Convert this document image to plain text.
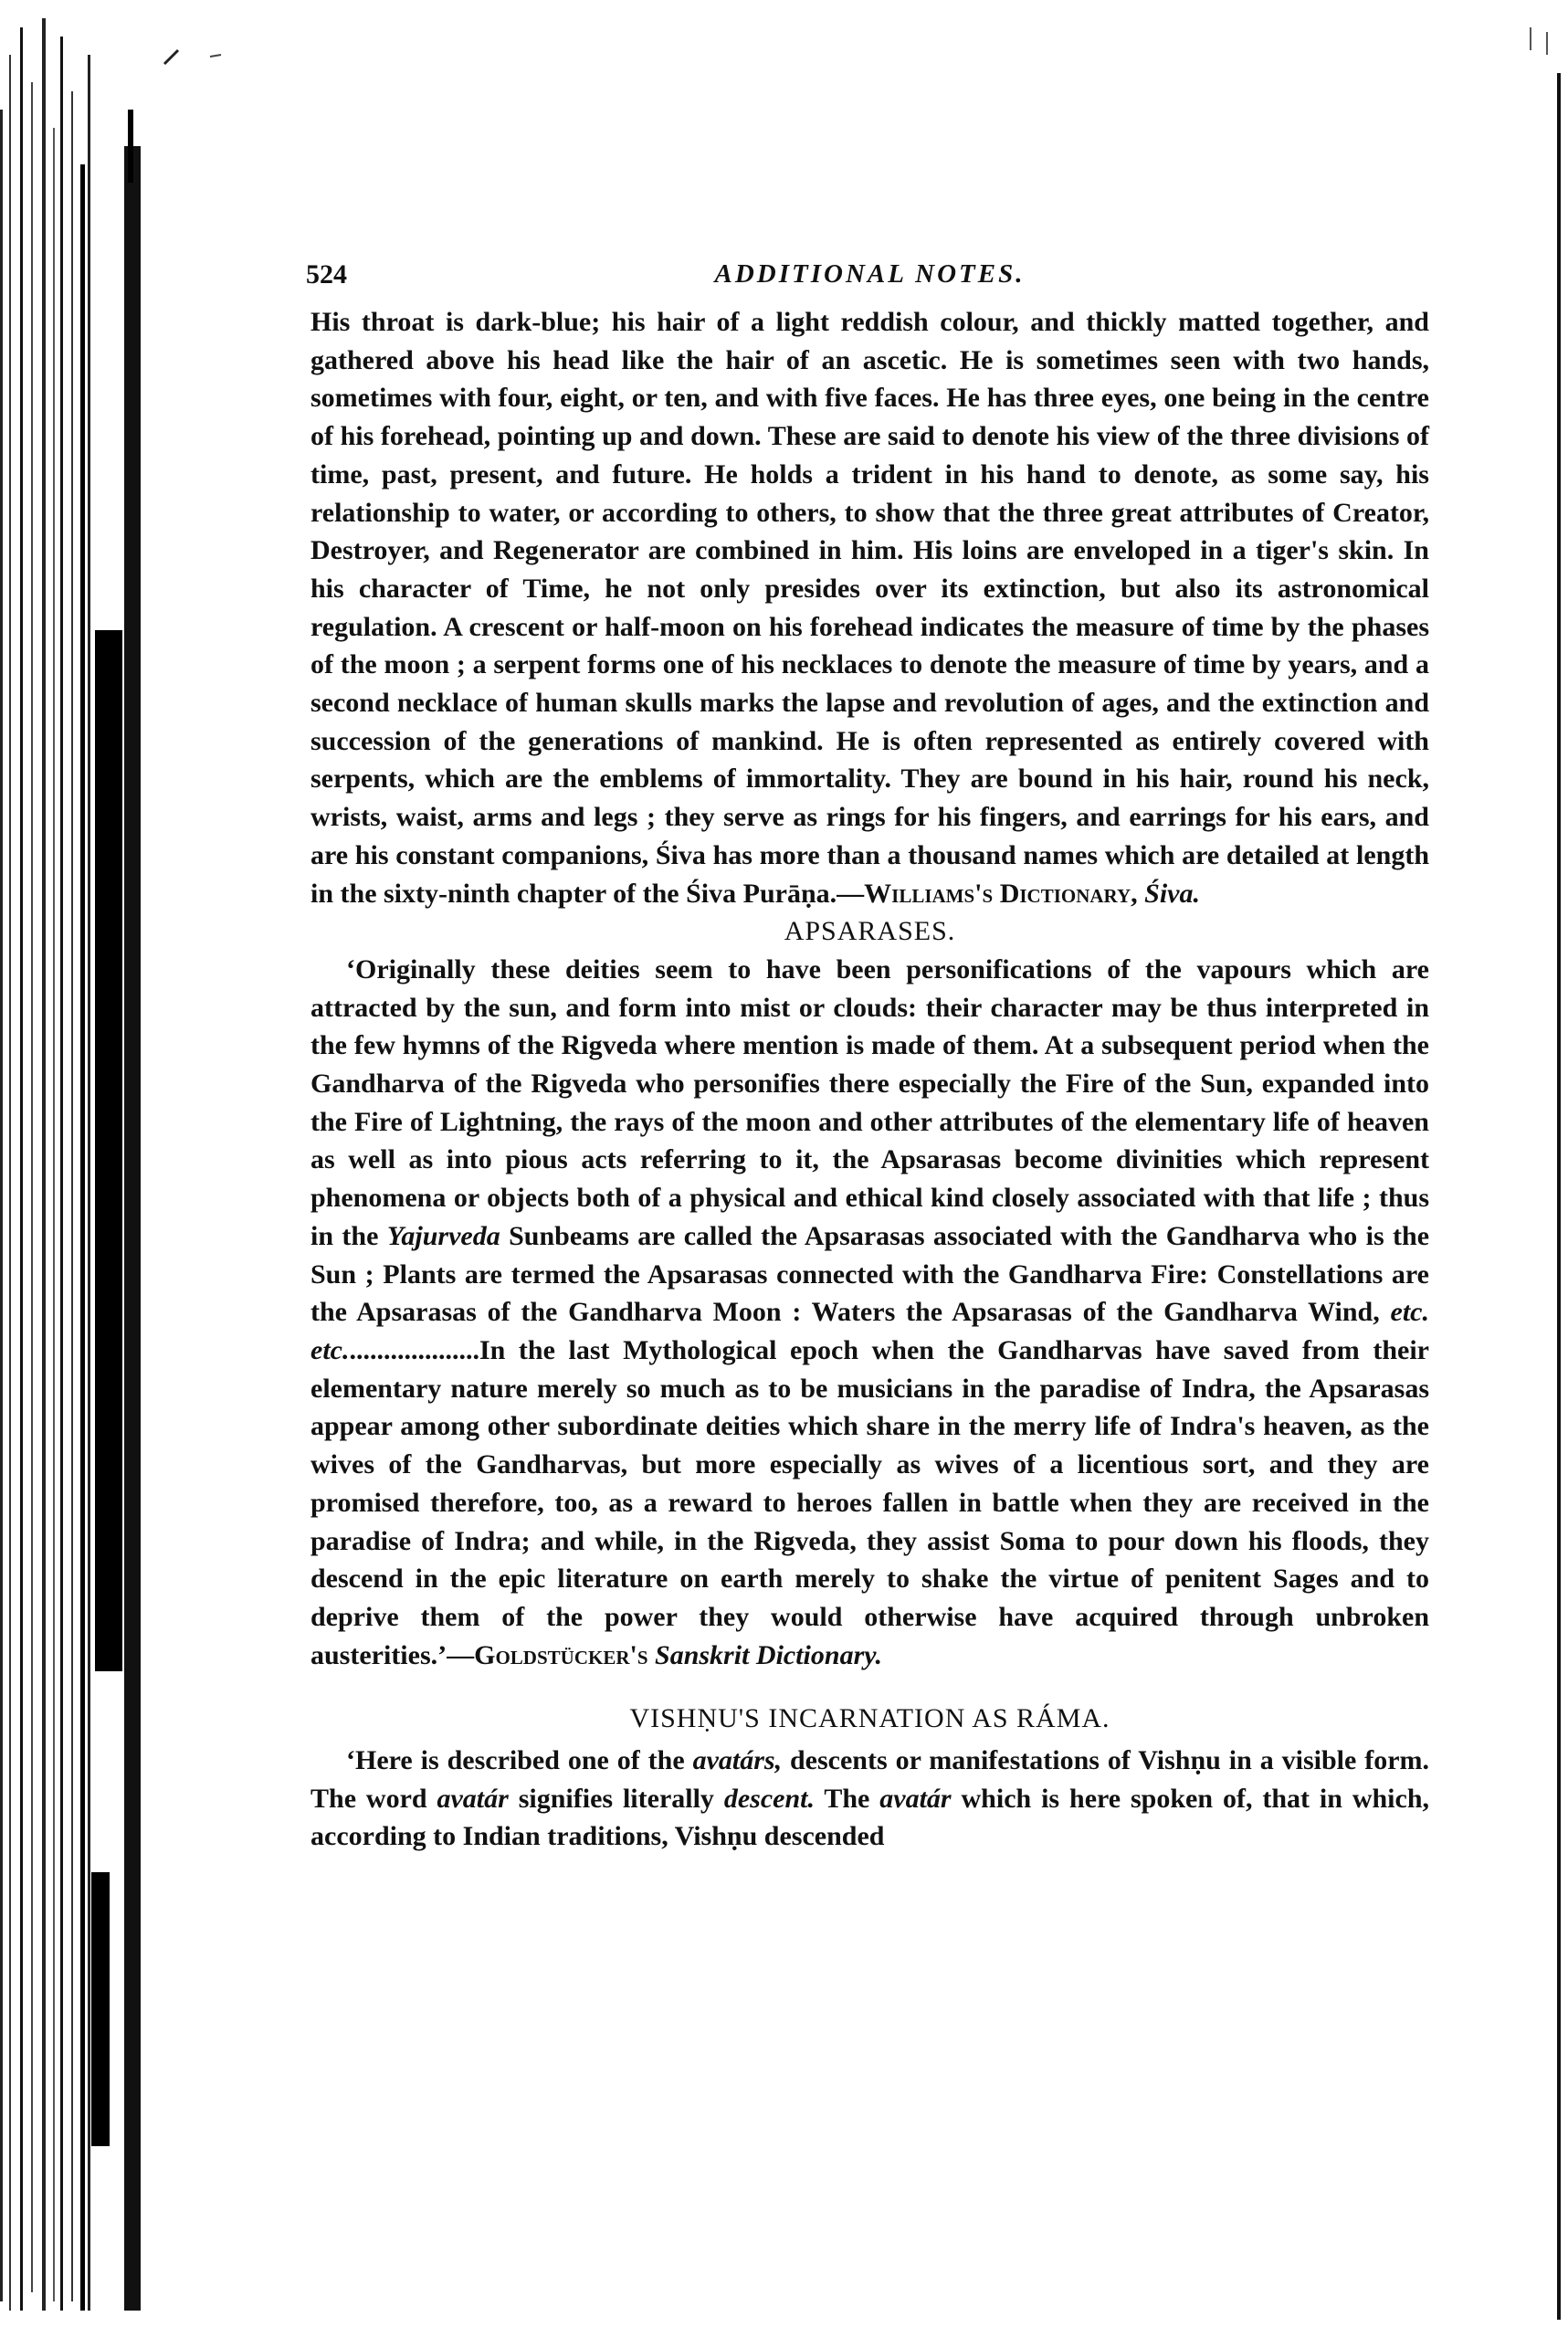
524	ADDITIONAL NOTES.

His throat is dark-blue; his hair of a light reddish colour, and thickly matted together, and gathered above his head like the hair of an ascetic. He is sometimes seen with two hands, sometimes with four, eight, or ten, and with five faces. He has three eyes, one being in the centre of his forehead, pointing up and down. These are said to denote his view of the three divisions of time, past, present, and future. He holds a trident in his hand to denote, as some say, his relationship to water, or according to others, to show that the three great attributes of Creator, Destroyer, and Regenerator are combined in him. His loins are enveloped in a tiger's skin. In his character of Time, he not only presides over its extinction, but also its astronomical regulation. A crescent or half-moon on his forehead indicates the measure of time by the phases of the moon ; a serpent forms one of his necklaces to denote the measure of time by years, and a second necklace of human skulls marks the lapse and revolution of ages, and the extinction and succession of the generations of mankind. He is often represented as entirely covered with serpents, which are the emblems of immortality. They are bound in his hair, round his neck, wrists, waist, arms and legs ; they serve as rings for his fingers, and earrings for his ears, and are his constant companions, Śiva has more than a thousand names which are detailed at length in the sixty-ninth chapter of the Śiva Purāṇa.—Williams's Dictionary, Śiva.

APSARASES.

‘Originally these deities seem to have been personifications of the vapours which are attracted by the sun, and form into mist or clouds: their character may be thus interpreted in the few hymns of the Rigveda where mention is made of them. At a subsequent period when the Gandharva of the Rigveda who personifies there especially the Fire of the Sun, expanded into the Fire of Lightning, the rays of the moon and other attributes of the elementary life of heaven as well as into pious acts referring to it, the Apsarasas become divinities which represent phenomena or objects both of a physical and ethical kind closely associated with that life ; thus in the Yajurveda Sunbeams are called the Apsarasas associated with the Gandharva who is the Sun ; Plants are termed the Apsarasas connected with the Gandharva Fire: Constellations are the Apsarasas of the Gandharva Moon : Waters the Apsarasas of the Gandharva Wind, etc. etc....................In the last Mythological epoch when the Gandharvas have saved from their elementary nature merely so much as to be musicians in the paradise of Indra, the Apsarasas appear among other subordinate deities which share in the merry life of Indra's heaven, as the wives of the Gandharvas, but more especially as wives of a licentious sort, and they are promised therefore, too, as a reward to heroes fallen in battle when they are received in the paradise of Indra; and while, in the Rigveda, they assist Soma to pour down his floods, they descend in the epic literature on earth merely to shake the virtue of penitent Sages and to deprive them of the power they would otherwise have acquired through unbroken austerities.’—Goldstücker's Sanskrit Dictionary.

VISHṆU'S INCARNATION AS RÁMA.

‘Here is described one of the avatárs, descents or manifestations of Vishṇu in a visible form. The word avatár signifies literally descent. The avatár which is here spoken of, that in which, according to Indian traditions, Vishṇu descended
